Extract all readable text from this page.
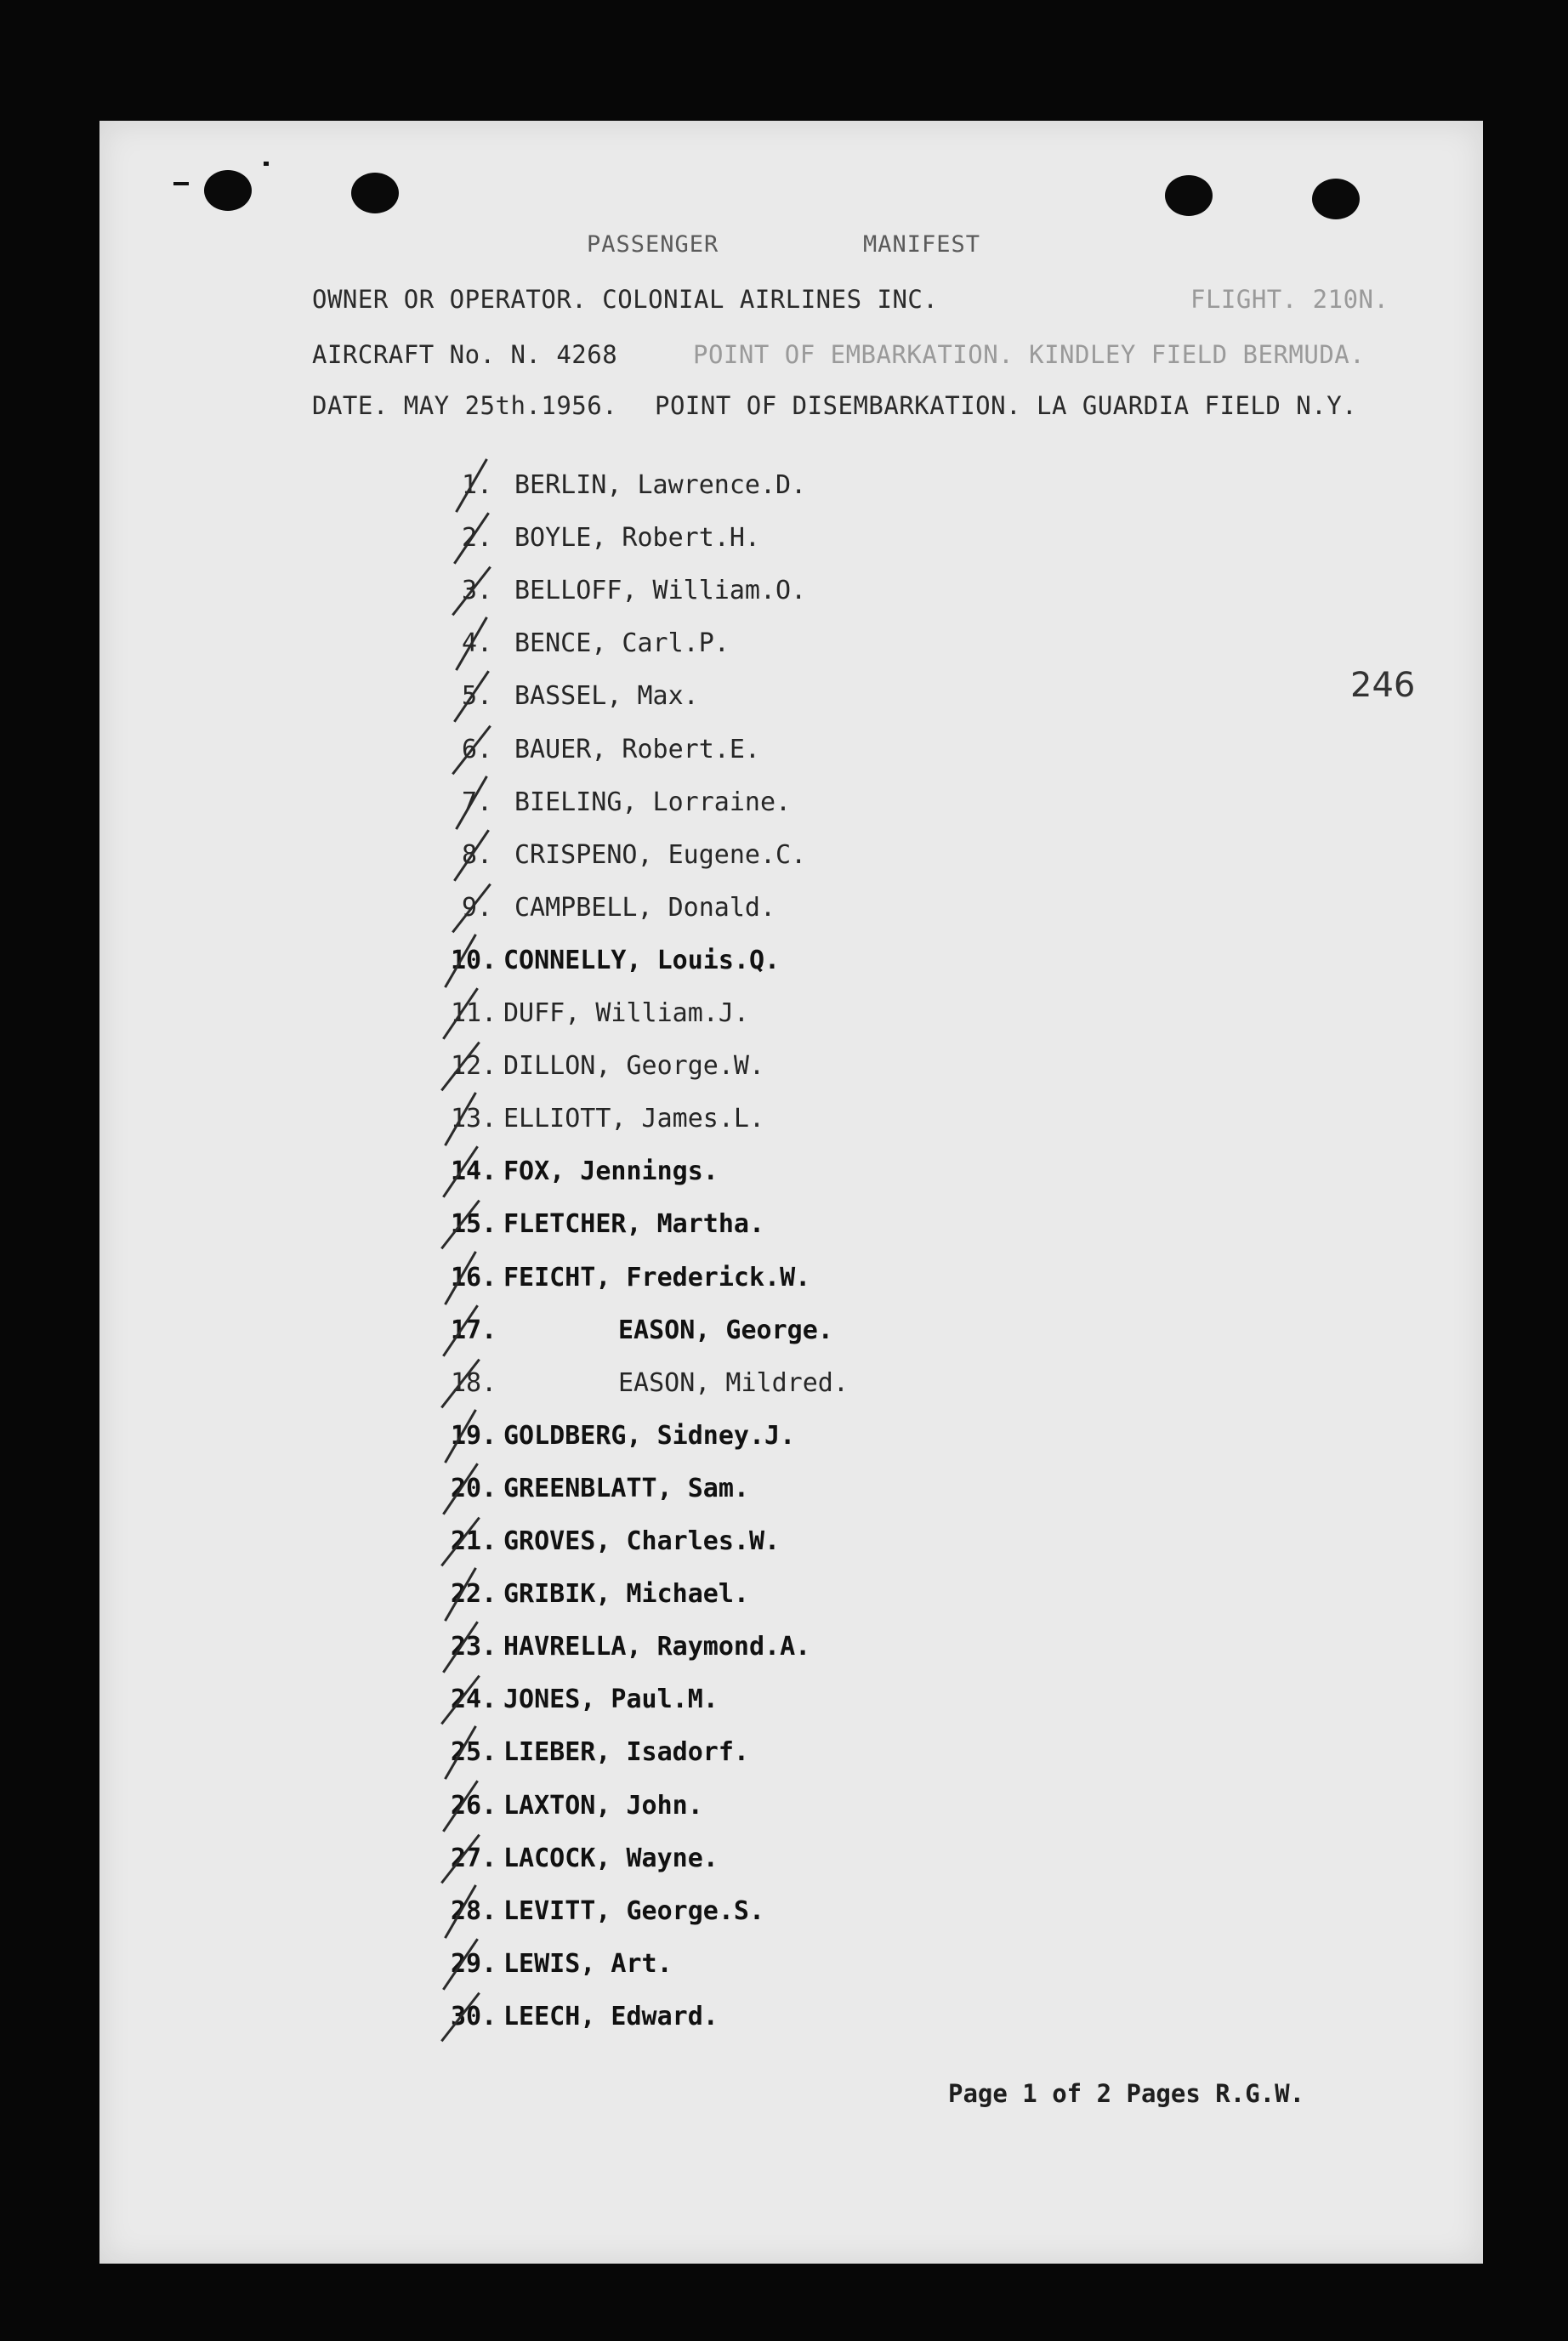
PASSENGER	MANIFEST
OWNER OR OPERATOR. COLONIAL AIRLINES INC.	FLIGHT. 210N.
AIRCRAFT No. N. 4268	POINT OF EMBARKATION. KINDLEY FIELD BERMUDA.
DATE. MAY 25th.1956. POINT OF DISEMBARKATION. LA GUARDIA FIELD N.Y.
246
1. BERLIN, Lawrence.D.
2. BOYLE, Robert.H.
3. BELLOFF, William.O.
4. BENCE, Carl.P.
5. BASSEL, Max.
6. BAUER, Robert.E.
7. BIELING, Lorraine.
8. CRISPENO, Eugene.C.
9. CAMPBELL, Donald.
10. CONNELLY, Louis.Q.
11. DUFF, William.J.
12. DILLON, George.W.
13. ELLIOTT, James.L.
14. FOX, Jennings.
15. FLETCHER, Martha.
16. FEICHT, Frederick.W.
17.	EASON, George.
18.	EASON, Mildred.
19. GOLDBERG, Sidney.J.
20. GREENBLATT, Sam.
21. GROVES, Charles.W.
22. GRIBIK, Michael.
23. HAVRELLA, Raymond.A.
24. JONES, Paul.M.
25. LIEBER, Isadorf.
26. LAXTON, John.
27. LACOCK, Wayne.
28. LEVITT, George.S.
29. LEWIS, Art.
30. LEECH, Edward.
Page 1 of 2 Pages R.G.W.
